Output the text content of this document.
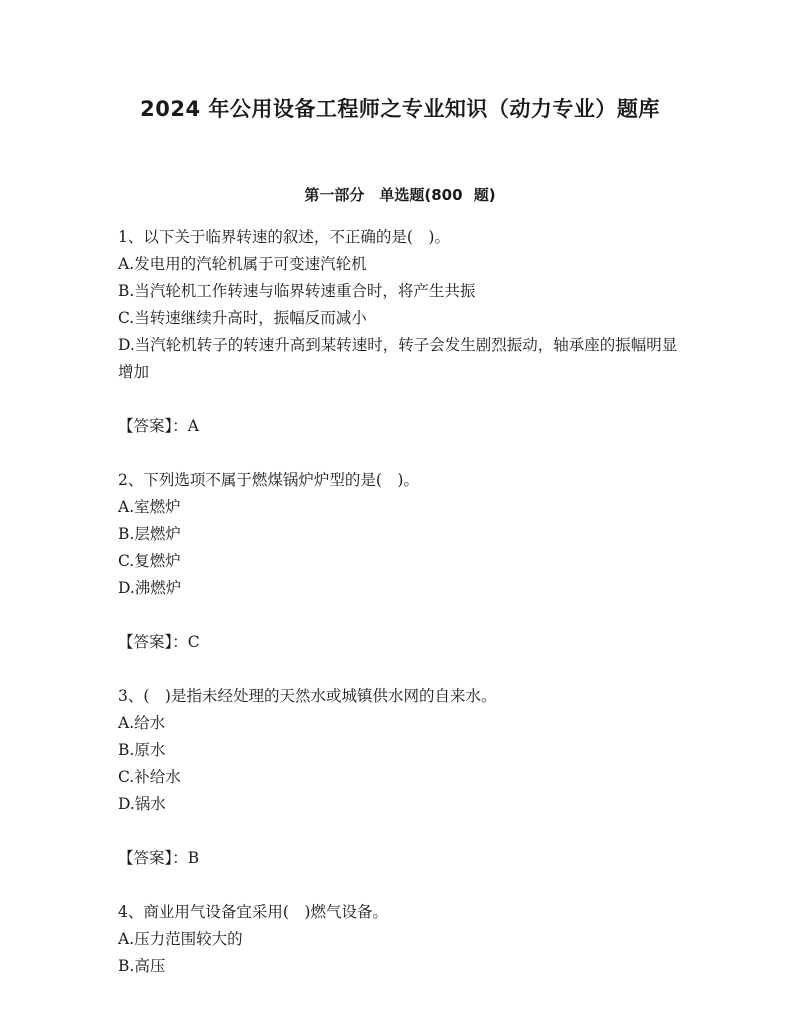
2024 年公用设备工程师之专业知识（动力专业）题库
第一部分　单选题(800 题)
1、以下关于临界转速的叙述，不正确的是(　)。
A.发电用的汽轮机属于可变速汽轮机
B.当汽轮机工作转速与临界转速重合时，将产生共振
C.当转速继续升高时，振幅反而减小
D.当汽轮机转子的转速升高到某转速时，转子会发生剧烈振动，轴承座的振幅明显增加
【答案】：A
2、下列选项不属于燃煤锅炉炉型的是(　)。
A.室燃炉
B.层燃炉
C.复燃炉
D.沸燃炉
【答案】：C
3、(　)是指未经处理的天然水或城镇供水网的自来水。
A.给水
B.原水
C.补给水
D.锅水
【答案】：B
4、商业用气设备宜采用(　)燃气设备。
A.压力范围较大的
B.高压
